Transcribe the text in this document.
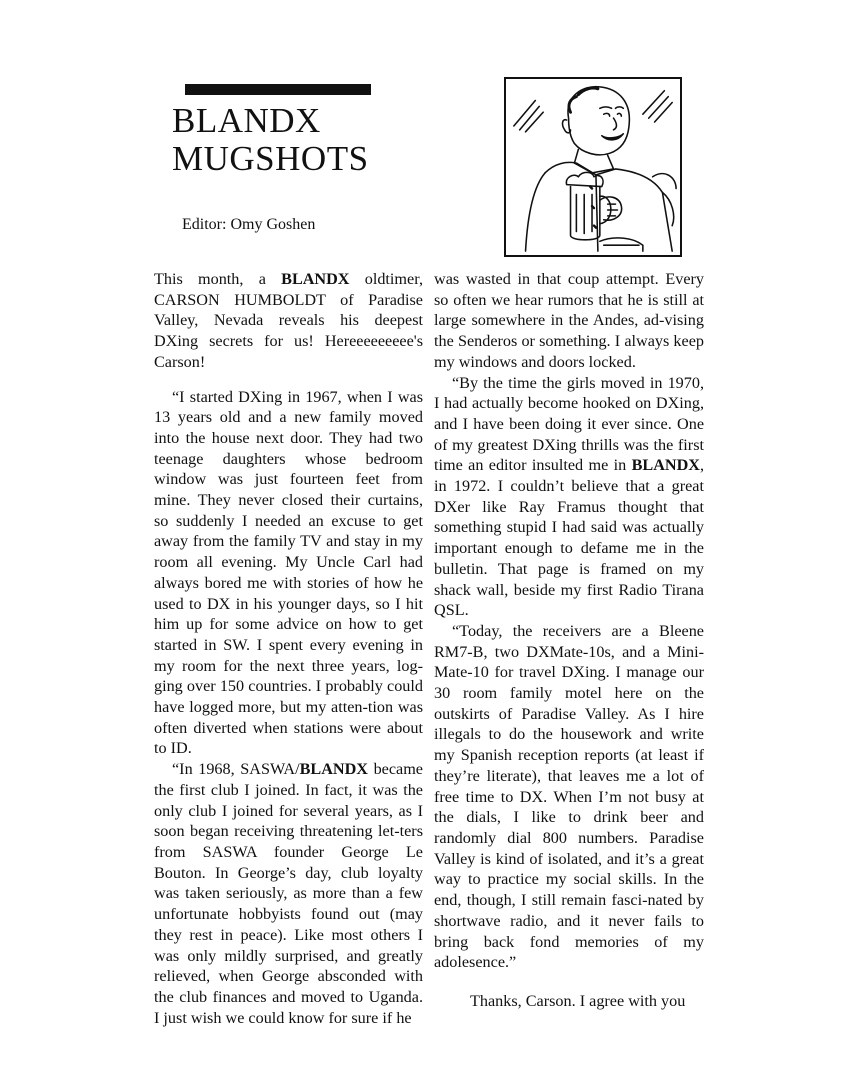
BLANDX
MUGSHOTS
Editor: Omy Goshen

This month, a BLANDX oldtimer, CARSON HUMBOLDT of Paradise Valley, Nevada reveals his deepest DXing secrets for us! Hereeeeeeeee's Carson!

“I started DXing in 1967, when I was 13 years old and a new family moved into the house next door. They had two teenage daughters whose bedroom window was just fourteen feet from mine. They never closed their curtains, so suddenly I needed an excuse to get away from the family TV and stay in my room all evening. My Uncle Carl had always bored me with stories of how he used to DX in his younger days, so I hit him up for some advice on how to get started in SW. I spent every evening in my room for the next three years, log-ging over 150 countries. I probably could have logged more, but my atten-tion was often diverted when stations were about to ID.

“In 1968, SASWA/BLANDX became the first club I joined. In fact, it was the only club I joined for several years, as I soon began receiving threatening let-ters from SASWA founder George Le Bouton. In George’s day, club loyalty was taken seriously, as more than a few unfortunate hobbyists found out (may they rest in peace). Like most others I was only mildly surprised, and greatly relieved, when George absconded with the club finances and moved to Uganda. I just wish we could know for sure if he

was wasted in that coup attempt. Every so often we hear rumors that he is still at large somewhere in the Andes, ad-vising the Senderos or something. I always keep my windows and doors locked.

“By the time the girls moved in 1970, I had actually become hooked on DXing, and I have been doing it ever since. One of my greatest DXing thrills was the first time an editor insulted me in BLANDX, in 1972. I couldn’t believe that a great DXer like Ray Framus thought that something stupid I had said was actually important enough to defame me in the bulletin. That page is framed on my shack wall, beside my first Radio Tirana QSL.

“Today, the receivers are a Bleene RM7-B, two DXMate-10s, and a Mini-Mate-10 for travel DXing. I manage our 30 room family motel here on the outskirts of Paradise Valley. As I hire illegals to do the housework and write my Spanish reception reports (at least if they’re literate), that leaves me a lot of free time to DX. When I’m not busy at the dials, I like to drink beer and randomly dial 800 numbers. Paradise Valley is kind of isolated, and it’s a great way to practice my social skills. In the end, though, I still remain fasci-nated by shortwave radio, and it never fails to bring back fond memories of my adolesence.”

Thanks, Carson. I agree with you
